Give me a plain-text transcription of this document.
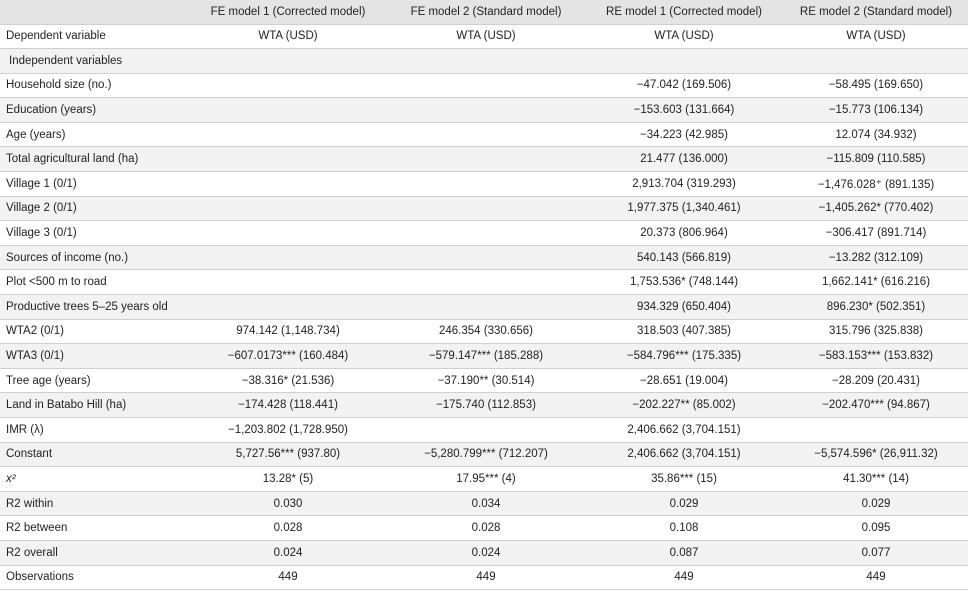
	FE model 1 (Corrected model)	FE model 2 (Standard model)	RE model 1 (Corrected model)	RE model 2 (Standard model)
Dependent variable	WTA (USD)	WTA (USD)	WTA (USD)	WTA (USD)
Independent variables				
Household size (no.)			−47.042 (169.506)	−58.495 (169.650)
Education (years)			−153.603 (131.664)	−15.773 (106.134)
Age (years)			−34.223 (42.985)	12.074 (34.932)
Total agricultural land (ha)			21.477 (136.000)	−115.809 (110.585)
Village 1 (0/1)			2,913.704 (319.293)	−1,476.028⁺ (891.135)
Village 2 (0/1)			1,977.375 (1,340.461)	−1,405.262* (770.402)
Village 3 (0/1)			20.373 (806.964)	−306.417 (891.714)
Sources of income (no.)			540.143 (566.819)	−13.282 (312.109)
Plot <500 m to road			1,753.536* (748.144)	1,662.141* (616.216)
Productive trees 5–25 years old			934.329 (650.404)	896.230* (502.351)
WTA2 (0/1)	974.142 (1,148.734)	246.354 (330.656)	318.503 (407.385)	315.796 (325.838)
WTA3 (0/1)	−607.0173*** (160.484)	−579.147*** (185.288)	−584.796*** (175.335)	−583.153*** (153.832)
Tree age (years)	−38.316* (21.536)	−37.190** (30.514)	−28.651 (19.004)	−28.209 (20.431)
Land in Batabo Hill (ha)	−174.428 (118.441)	−175.740 (112.853)	−202.227** (85.002)	−202.470*** (94.867)
IMR (λ)	−1,203.802 (1,728.950)		2,406.662 (3,704.151)	
Constant	5,727.56*** (937.80)	−5,280.799*** (712.207)	2,406.662 (3,704.151)	−5,574.596* (26,911.32)
x²	13.28* (5)	17.95*** (4)	35.86*** (15)	41.30*** (14)
R2 within	0.030	0.034	0.029	0.029
R2 between	0.028	0.028	0.108	0.095
R2 overall	0.024	0.024	0.087	0.077
Observations	449	449	449	449
